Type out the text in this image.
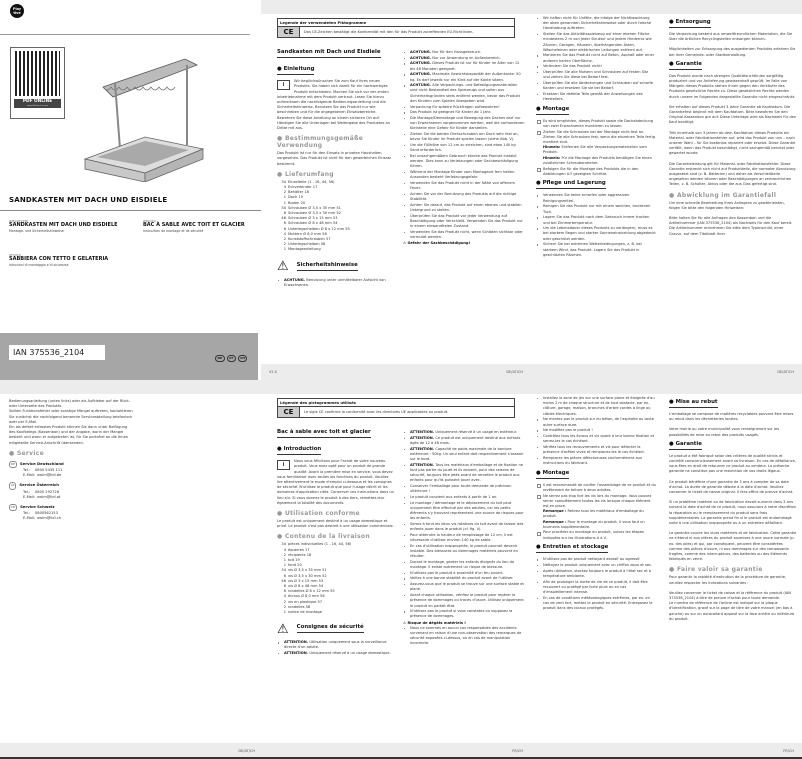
Play
tive
PDF ONLINE
www.lidl-service.com
SANDKASTEN MIT DACH UND EISDIELE
(DE)(AT)(CH)
SANDKASTEN MIT DACH UND EISDIELE
Montage- und Sicherheitshinweise
(FR)(CH)
BAC À SABLE AVEC TOIT ET GLACIER
Instruction de montage et de sécurité
(IT)(CH)
SABBIERA CON TETTO E GELATERIA
Istruzioni di montaggio e di sicurezza
IAN 375536_2104
DE	AT	CH
Legende der verwendeten Piktogramme
CE	Das CE-Zeichen bestätigt die Konformität mit den für das Produkt zutreffenden EU-Richtlinien.
Sandkasten mit Dach und Eisdiele
● Einleitung
i
Wir beglückwünschen Sie zum Kauf Ihres neuen Produkts. Sie haben sich damit für ein hochwertiges Produkt entschieden. Machen Sie sich vor der ersten Inbetriebnahme mit dem Produkt vertraut. Lesen Sie hierzu aufmerksam die nachfolgende Bedienungsanleitung und die Sicherheitshinweise. Benutzen Sie das Produkt nur wie beschrieben und für die angegebenen Einsatzbereiche. Bewahren Sie diese Anleitung an einem sicheren Ort auf. Händigen Sie alle Unterlagen bei Weitergabe des Produktes an Dritte mit aus.
● Bestimmungsgemäße Verwendung
Das Produkt ist nur für den Einsatz in privaten Haushalten vorgesehen. Das Produkt ist nicht für den gewerblichen Einsatz bestimmt.
● Lieferumfang
34 Einzelteile (1 - 16, 44, 56)
4 Eckverbinder 17
2 Behälter 18
1 Dach 19
1 Boden 20
34 Schrauben Ø 3,5 x 35 mm 51
6 Schrauben Ø 3,5 x 30 mm 52
46 Schrauben Ø 3 x 15 mm 53
6 Schrauben Ø 8 x 48 mm 54
6 Unterlegscheiben Ø 8 x 12 mm 55
4 Muttern Ø 8,0 mm 56
2 Kunststoffschrauben 57
2 Unterlegscheiben 58
1 Montageanleitung
⚠ Sicherheitshinweise
ACHTUNG. Benutzung unter unmittelbarer Aufsicht von Erwachsenen.
ACHTUNG. Nur für den Hausgebrauch.
ACHTUNG. Nur zur Anwendung im Außenbereich.
ACHTUNG. Dieses Produkt ist nur für Kinder im Alter von 12 bis 48 Monaten geeignet.
ACHTUNG. Maximale Gewichtskapazität der Außenkante: 50 kg. Es darf jeweils nur ein Kind auf der Kante sitzen.
ACHTUNG. Alle Verpackungs- und Befestigungsmaterialien sind nicht Bestandteil des Spielzeugs und sollen aus Sicherheitsgründen stets entfernt werden, bevor das Produkt den Kindern zum Spielen übergeben wird.
Verpackung für spätere Rückfragen aufbewahren!
Das Produkt ist geeignet für Kinder ab 1 Jahr.
Die Montage/Demontage und Bewegung des Daches darf nur von Erwachsenen vorgenommen werden, weil die vorhandenen Kleinteile eine Gefahr für Kinder darstellen.
Ziehen Sie die beiden Drehschrauben am Dach sehr fest an, bevor Sie Kinder im Produkt spielen lassen (siehe Abb. V).
Um die Füllhöhe von 12 cm zu erreichen, sind etwa 140 kg Sand erforderlich.
Bei unsachgemäßem Gebrauch könnte das Produkt instabil werden. Dies kann zu Verletzungen oder Sachbeschädigung führen.
Während der Montage Kinder vom Montageort fern halten. Ansonsten besteht Verletzungsgefahr.
Verwenden Sie das Produkt nicht in der Nähe von offenem Feuer.
Achten Sie vor der Benutzung des Produkts auf die richtige Stabilität.
Achten Sie darauf, das Produkt auf einen ebenen und stabilen Untergrund zu stellen.
Überprüfen Sie das Produkt vor jeder Verwendung auf Beschädigung oder Verschleiß. Verwenden Sie das Produkt nur in einem einwandfreien Zustand.
Verwenden Sie das Produkt nicht, wenn Schäden sichtbar oder vermutet werden.
⚠ Gefahr der Sachbeschädigung!
V2.0	DE/AT/CH
Wir haften nicht für Unfälle, die infolge der Nichtbeachtung der oben genannten Sicherheitshinweise oder durch falsche Handhabung auftreten.
Stellen Sie das Aktivitätsspielzeug auf einer ebenen Fläche mindestens 2 m von jeder Struktur und jedem Hindernis wie Zäunen, Garagen, Häusern, überhängenden Ästen, Wäscheleinen oder elektrischen Leitungen entfernt auf.
Montieren Sie das Produkt nicht auf Beton, Asphalt oder einer anderen harten Oberfläche.
Verändern Sie das Produkt nicht!
Überprüfen Sie alle Muttern und Schrauben auf festen Sitz und ziehen Sie diese bei Bedarf fest.
Überprüfen Sie alle Abdeckungen und Schrauben auf scharfe Kanten und ersetzen Sie sie bei Bedarf.
Ersetzen Sie defekte Teile gemäß der Anweisungen des Herstellers.
● Montage
Es wird empfohlen, dieses Produkt sowie die Dachabdeckung von zwei Erwachsenen montieren zu lassen.
Ziehen Sie die Schrauben bei der Montage nicht fest an. Ziehen Sie alle Schrauben fest, wenn die einzelnen Teile fertig montiert sind.
Hinweis: Entfernen Sie alle Verpackungsmaterialien vom Produkt.
Hinweis: Für die Montage des Produkts benötigen Sie einen zusätzlichen Schraubendreher.
Befolgen Sie für die Montage des Produkts die in den Abbildungen A-Y gezeigten Schritte.
● Pflege und Lagerung
Verwenden Sie keine scharfen oder aggressiven Reinigungsmittel.
Reinigen Sie das Produkt nur mit einem weichen, trockenen Tuch.
Lagern Sie das Produkt nach dem Gebrauch immer trocken und bei Zimmertemperatur.
Um die Lebensdauer dieses Produkts zu verlängern, muss es bei starkem Regen und starker Sonneneinstrahlung abgedeckt oder geschützt werden.
Sichern Sie bei extremen Wetterbedingungen, z. B. bei starkem Wind, das Produkt. Lagern Sie das Produkt in geschützten Räumen.
● Entsorgung
Die Verpackung besteht aus umweltfreundlichen Materialien, die Sie über die örtlichen Recyclingstellen entsorgen können.
Möglichkeiten zur Entsorgung des ausgedienten Produkts erfahren Sie bei Ihrer Gemeinde- oder Stadtverwaltung.
● Garantie
Das Produkt wurde nach strengen Qualitätsrichtlinien sorgfältig produziert und vor Anlieferung gewissenhaft geprüft. Im Falle von Mängeln dieses Produkts stehen Ihnen gegen den Verkäufer des Produkts gesetzliche Rechte zu. Diese gesetzlichen Rechte werden durch unsere im Folgenden dargestellte Garantie nicht eingeschränkt.
Sie erhalten auf dieses Produkt 3 Jahre Garantie ab Kaufdatum. Die Garantiefrist beginnt mit dem Kaufdatum. Bitte bewahren Sie den Original-Kassenbon gut auf. Diese Unterlage wird als Nachweis für den Kauf benötigt.
Tritt innerhalb von 3 Jahren ab dem Kaufdatum dieses Produkts ein Material- oder Fabrikationsfehler auf, wird das Produkt von uns – nach unserer Wahl – für Sie kostenlos repariert oder ersetzt. Diese Garantie verfällt, wenn das Produkt beschädigt, nicht sachgemäß benutzt oder gewartet wurde.
Die Garantieleistung gilt für Material- oder Fabrikationsfehler. Diese Garantie erstreckt sich nicht auf Produktteile, die normaler Abnutzung ausgesetzt sind (z. B. Batterien) und daher als Verschleißteile angesehen werden können oder Beschädigungen an zerbrechlichen Teilen, z. B. Schalter, Akkus oder die aus Glas gefertigt sind.
● Abwicklung im Garantiefall
Um eine schnelle Bearbeitung Ihres Anliegens zu gewährleisten, folgen Sie bitte den folgenden Hinweisen:
Bitte halten Sie für alle Anfragen den Kassenbon und die Artikelnummer (IAN 375536_2104) als Nachweis für den Kauf bereit.
Die Artikelnummer entnehmen Sie bitte dem Typenschild, einer Gravur, auf dem Titelblatt Ihrer
DE/AT/CH
Bedienungsanleitung (unten links) oder als Aufkleber auf der Rück- oder Unterseite des Produkts.
Sollten Funktionsfehler oder sonstige Mängel auftreten, kontaktieren Sie zunächst die nachfolgend benannte Serviceabteilung telefonisch oder per E-Mail.
Ein als defekt erfasstes Produkt können Sie dann unter Beifügung des Kaufbelegs (Kassenbon) und der Angabe, worin der Mangel besteht und wann er aufgetreten ist, für Sie portofrei an die Ihnen mitgeteilte Service-Anschrift übersenden.
● Service
DE Service Deutschland
Tel.: 0800 5435 111
E-Mail: owim@lidl.de
AT Service Österreich
Tel.: 0800 292726
E-Mail: owim@lidl.at
CH Service Schweiz
Tel.: 0800562153
E-Mail: owim@lidl.ch
DE/AT/CH
Légende des pictogrammes utilisés
CE	Le sigle CE confirme la conformité avec les directives UE applicables au produit.
Bac à sable avec toit et glacier
● Introduction
i
Nous vous félicitons pour l'achat de votre nouveau produit. Vous avez opté pour un produit de grande qualité. Avant la première mise en service, vous devez vous familiariser avec toutes les fonctions du produit. Veuillez lire attentivement le mode d'emploi ci-dessous et les consignes de sécurité. N'utilisez le produit que pour l'usage décrit et les domaines d'application cités. Conserver ces instructions dans un lieu sûr. Si vous donnez le produit à des tiers, remettez-leur également la totalité des documents.
● Utilisation conforme
Le produit est uniquement destiné à un usage domestique et privé. Le produit n'est pas destiné à une utilisation commerciale.
● Contenu de la livraison
34 pièces individuelles (1 - 16, 44, 56)
4 équerres 17
2 récipients 18
1 toit 19
1 fond 20
34 vis Ø 3,5 x 35 mm 51
6 vis Ø 3,5 x 30 mm 52
46 vis Ø 3 x 15 mm 53
6 vis Ø 8 x 48 mm 54
6 rondelles Ø 8 x 12 mm 55
4 écrous Ø 8,0 mm 56
2 vis en plastique 57
2 rondelles 58
1 notice de montage
⚠ Consignes de sécurité
ATTENTION. Utilisation uniquement sous la surveillance directe d'un adulte.
ATTENTION. Uniquement réservé à un usage domestique.
ATTENTION. Uniquement réservé à un usage en extérieur.
ATTENTION. Ce produit est uniquement destiné aux enfants âgés de 12 à 48 mois.
ATTENTION. Capacité de poids maximale de la bordure extérieure : 50kg. Un seul enfant doit respectivement s'asseoir sur le bord.
ATTENTION. Tous les matériaux d'emballage et de fixation ne font pas partie du jouet et ils doivent, pour des raisons de sécurité, toujours être jetés avant de remettre le produit aux enfants pour qu'ils puissent jouer avec.
Conserver l'emballage pour toute demande de précision ultérieure !
Le produit convient aux enfants à partir de 1 an.
Le montage / démontage et le déplacement du toit peut uniquement être effectué par des adultes, car les petits éléments s'y trouvant représentent une source de risques pour les enfants.
Serrez à fond les deux vis rotatives du toit avant de laisser des enfants jouer dans le produit (cf. fig. V).
Pour atteindre la hauteur de remplissage de 12 cm, il est nécessaire d'utiliser environ 140 kg de sable.
En cas d'utilisation inappropriée, le produit pourrait devenir instable. Des blessures ou dommages matériels peuvent en résulter.
Durant le montage, garder les enfants éloignés du lieu de montage. Il existe autrement un risque de blessure.
N'utilisez pas le produit à proximité d'un feu ouvert.
Veillez à une bonne stabilité du produit avant de l'utiliser.
Assurez-vous que le produit se trouve sur une surface stable et plane.
Avant chaque utilisation, vérifiez le produit pour repérer la présence de dommages ou traces d'usure. Utilisez uniquement le produit en parfait état.
N'utilisez pas le produit si vous constatez ou supposez la présence de dommages.
⚠ Risque de dégâts matériels !
Nous ne sommes en aucun cas responsables des accidents survenant en raison d'une non-observation des remarques de sécurité exposées ci-dessus, ou en cas de manipulation incorrecte.
FR/CH
Installez la zone de jeu sur une surface plane et éloignée d'au moins 2 m de chaque structure et de tout obstacle, par ex. clôture, garage, maison, branches d'arbre cordes à linge ou câbles électriques.
Ne montez pas le produit sur du béton, de l'asphalte ou toute autre surface dure.
Ne modifiez pas le produit !
Contrôlez tous les écrous et vis quant à leur bonne fixation et serrez-les le cas échéant.
Vérifiez tous les recouvrements et vis pour détecter la présence d'arêtes vives et remplacez-les le cas échéant.
Remplacez les pièces défectueuses conformément aux instructions du fabricant.
● Montage
Il est recommandé de confier l'assemblage de ce produit et du revêtement de toiture à deux adultes.
Ne serrez pas trop fort les vis lors du montage. Vous pouvez serrer complètement toutes les vis lorsque chaque élément est en place.
Remarque : Retirez tous les matériaux d'emballage du produit.
Remarque : Pour le montage du produit, il vous faut un tournevis supplémentaire.
Pour procéder au montage du produit, suivez les étapes indiquées sur les illustrations A à V.
● Entretien et stockage
N'utilisez pas de produit nettoyant abrasif ou agressif.
Nettoyez le produit uniquement avec un chiffon doux et sec.
Après utilisation, stockez toujours le produit à l'état sec et à température ambiante.
Afin de prolonger la durée de vie de ce produit, il doit être recouvert ou protégé par forte pluie ou en cas d'ensoleillement intense.
En cas de conditions météorologiques extrêmes, par ex. en cas de vent fort, mettez le produit en sécurité. Entreposez le produit dans des locaux protégés.
● Mise au rebut
L'emballage se compose de matières recyclables pouvant être mises au rebut dans les déchetteries locales.
Votre mairie ou votre municipalité vous renseigneront sur les possibilités de mise au rebut des produits usagés.
● Garantie
Le produit a été fabriqué selon des critères de qualité stricts et contrôlé consciencieusement avant sa livraison. En cas de défaillance, vous êtes en droit de retourner ce produit au vendeur. La présente garantie ne constitue pas une restriction de vos droits légaux.
Ce produit bénéficie d'une garantie de 3 ans à compter de sa date d'achat. La durée de garantie débute à la date d'achat. Veuillez conserver le ticket de caisse original. Il fera office de preuve d'achat.
Si un problème matériel ou de fabrication devait survenir dans 3 ans suivant la date d'achat de ce produit, nous assurons à notre discrétion la réparation ou le remplacement du produit sans frais supplémentaires. La garantie prend fin si le produit est endommagé suite à une utilisation inappropriée ou à un entretien défaillant.
La garantie couvre les vices matériels et de fabrication. Cette garantie ne s'étend ni aux pièces du produit soumises à une usure normale (p. ex. des piles) et qui, par conséquent, peuvent être considérées comme des pièces d'usure, ni aux dommages sur des composants fragiles, comme des interrupteurs, des batteries ou des éléments fabriqués en verre.
● Faire valoir sa garantie
Pour garantir la rapidité d'exécution de la procédure de garantie, veuillez respecter les indications suivantes :
Veuillez conserver le ticket de caisse et la référence du produit (IAN 375536_2104) à titre de preuve d'achat pour toute demande.
Le numéro de référence de l'article est indiqué sur la plaque d'identification, gravé sur la page de titre de votre manuel (en bas à gauche) ou sur un autocollant apposé sur la face arrière ou inférieure du produit.
FR/CH
